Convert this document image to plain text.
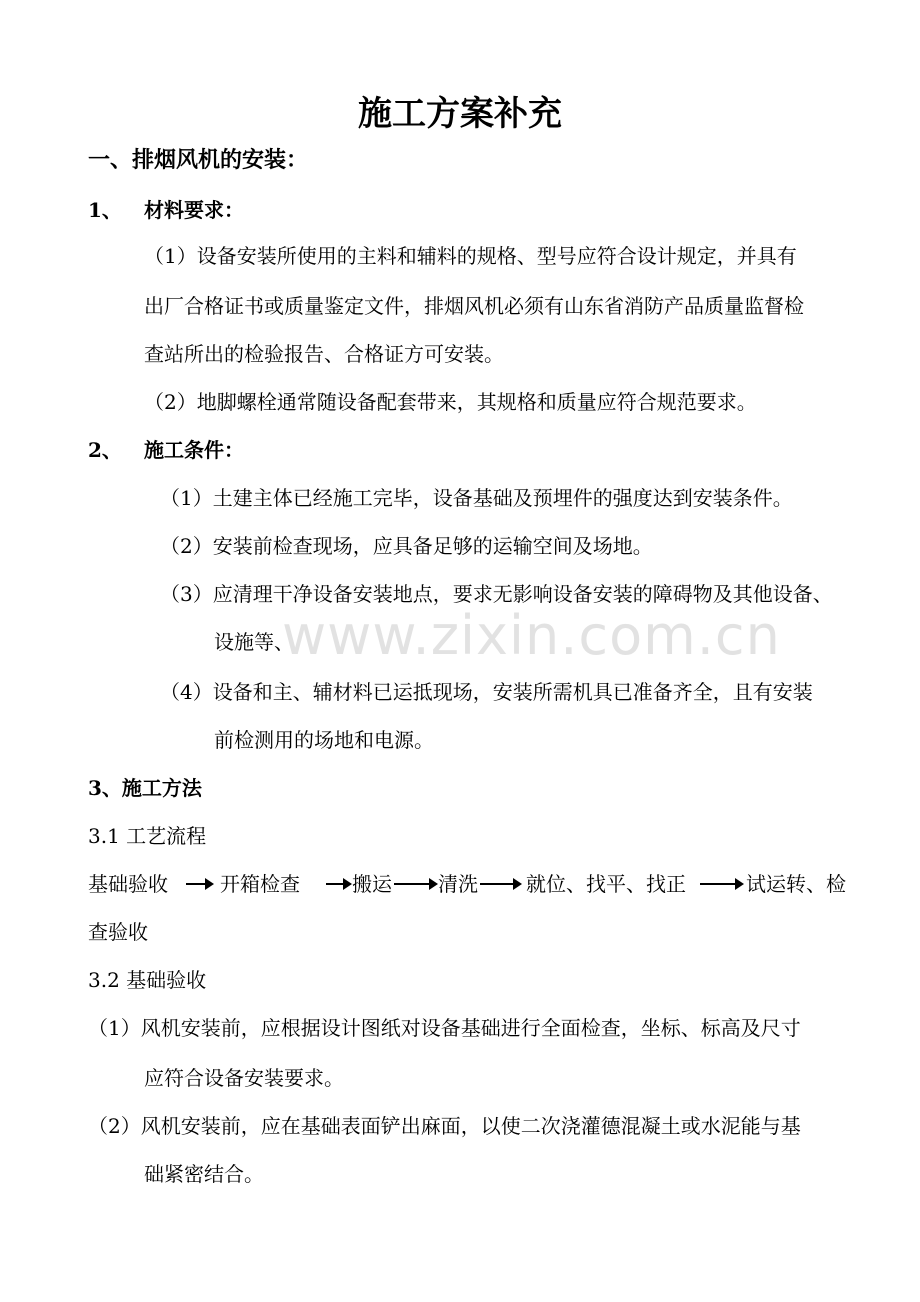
施工方案补充
一、排烟风机的安装：
1、 材料要求：
（1）设备安装所使用的主料和辅料的规格、型号应符合设计规定，并具有
出厂合格证书或质量鉴定文件，排烟风机必须有山东省消防产品质量监督检
查站所出的检验报告、合格证方可安装。
（2）地脚螺栓通常随设备配套带来，其规格和质量应符合规范要求。
2、 施工条件：
（1）土建主体已经施工完毕，设备基础及预埋件的强度达到安装条件。
（2）安装前检查现场，应具备足够的运输空间及场地。
（3）应清理干净设备安装地点，要求无影响设备安装的障碍物及其他设备、
设施等、
（4）设备和主、辅材料已运抵现场，安装所需机具已准备齐全，且有安装
前检测用的场地和电源。
3、施工方法
3.1 工艺流程
基础验收	开箱检查	搬运 清洗 就位、找平、找正	试运转、检
查验收
3.2 基础验收
（1）风机安装前，应根据设计图纸对设备基础进行全面检查，坐标、标高及尺寸
应符合设备安装要求。
（2）风机安装前，应在基础表面铲出麻面，以使二次浇灌德混凝土或水泥能与基
础紧密结合。
www.zixin.com.cn
